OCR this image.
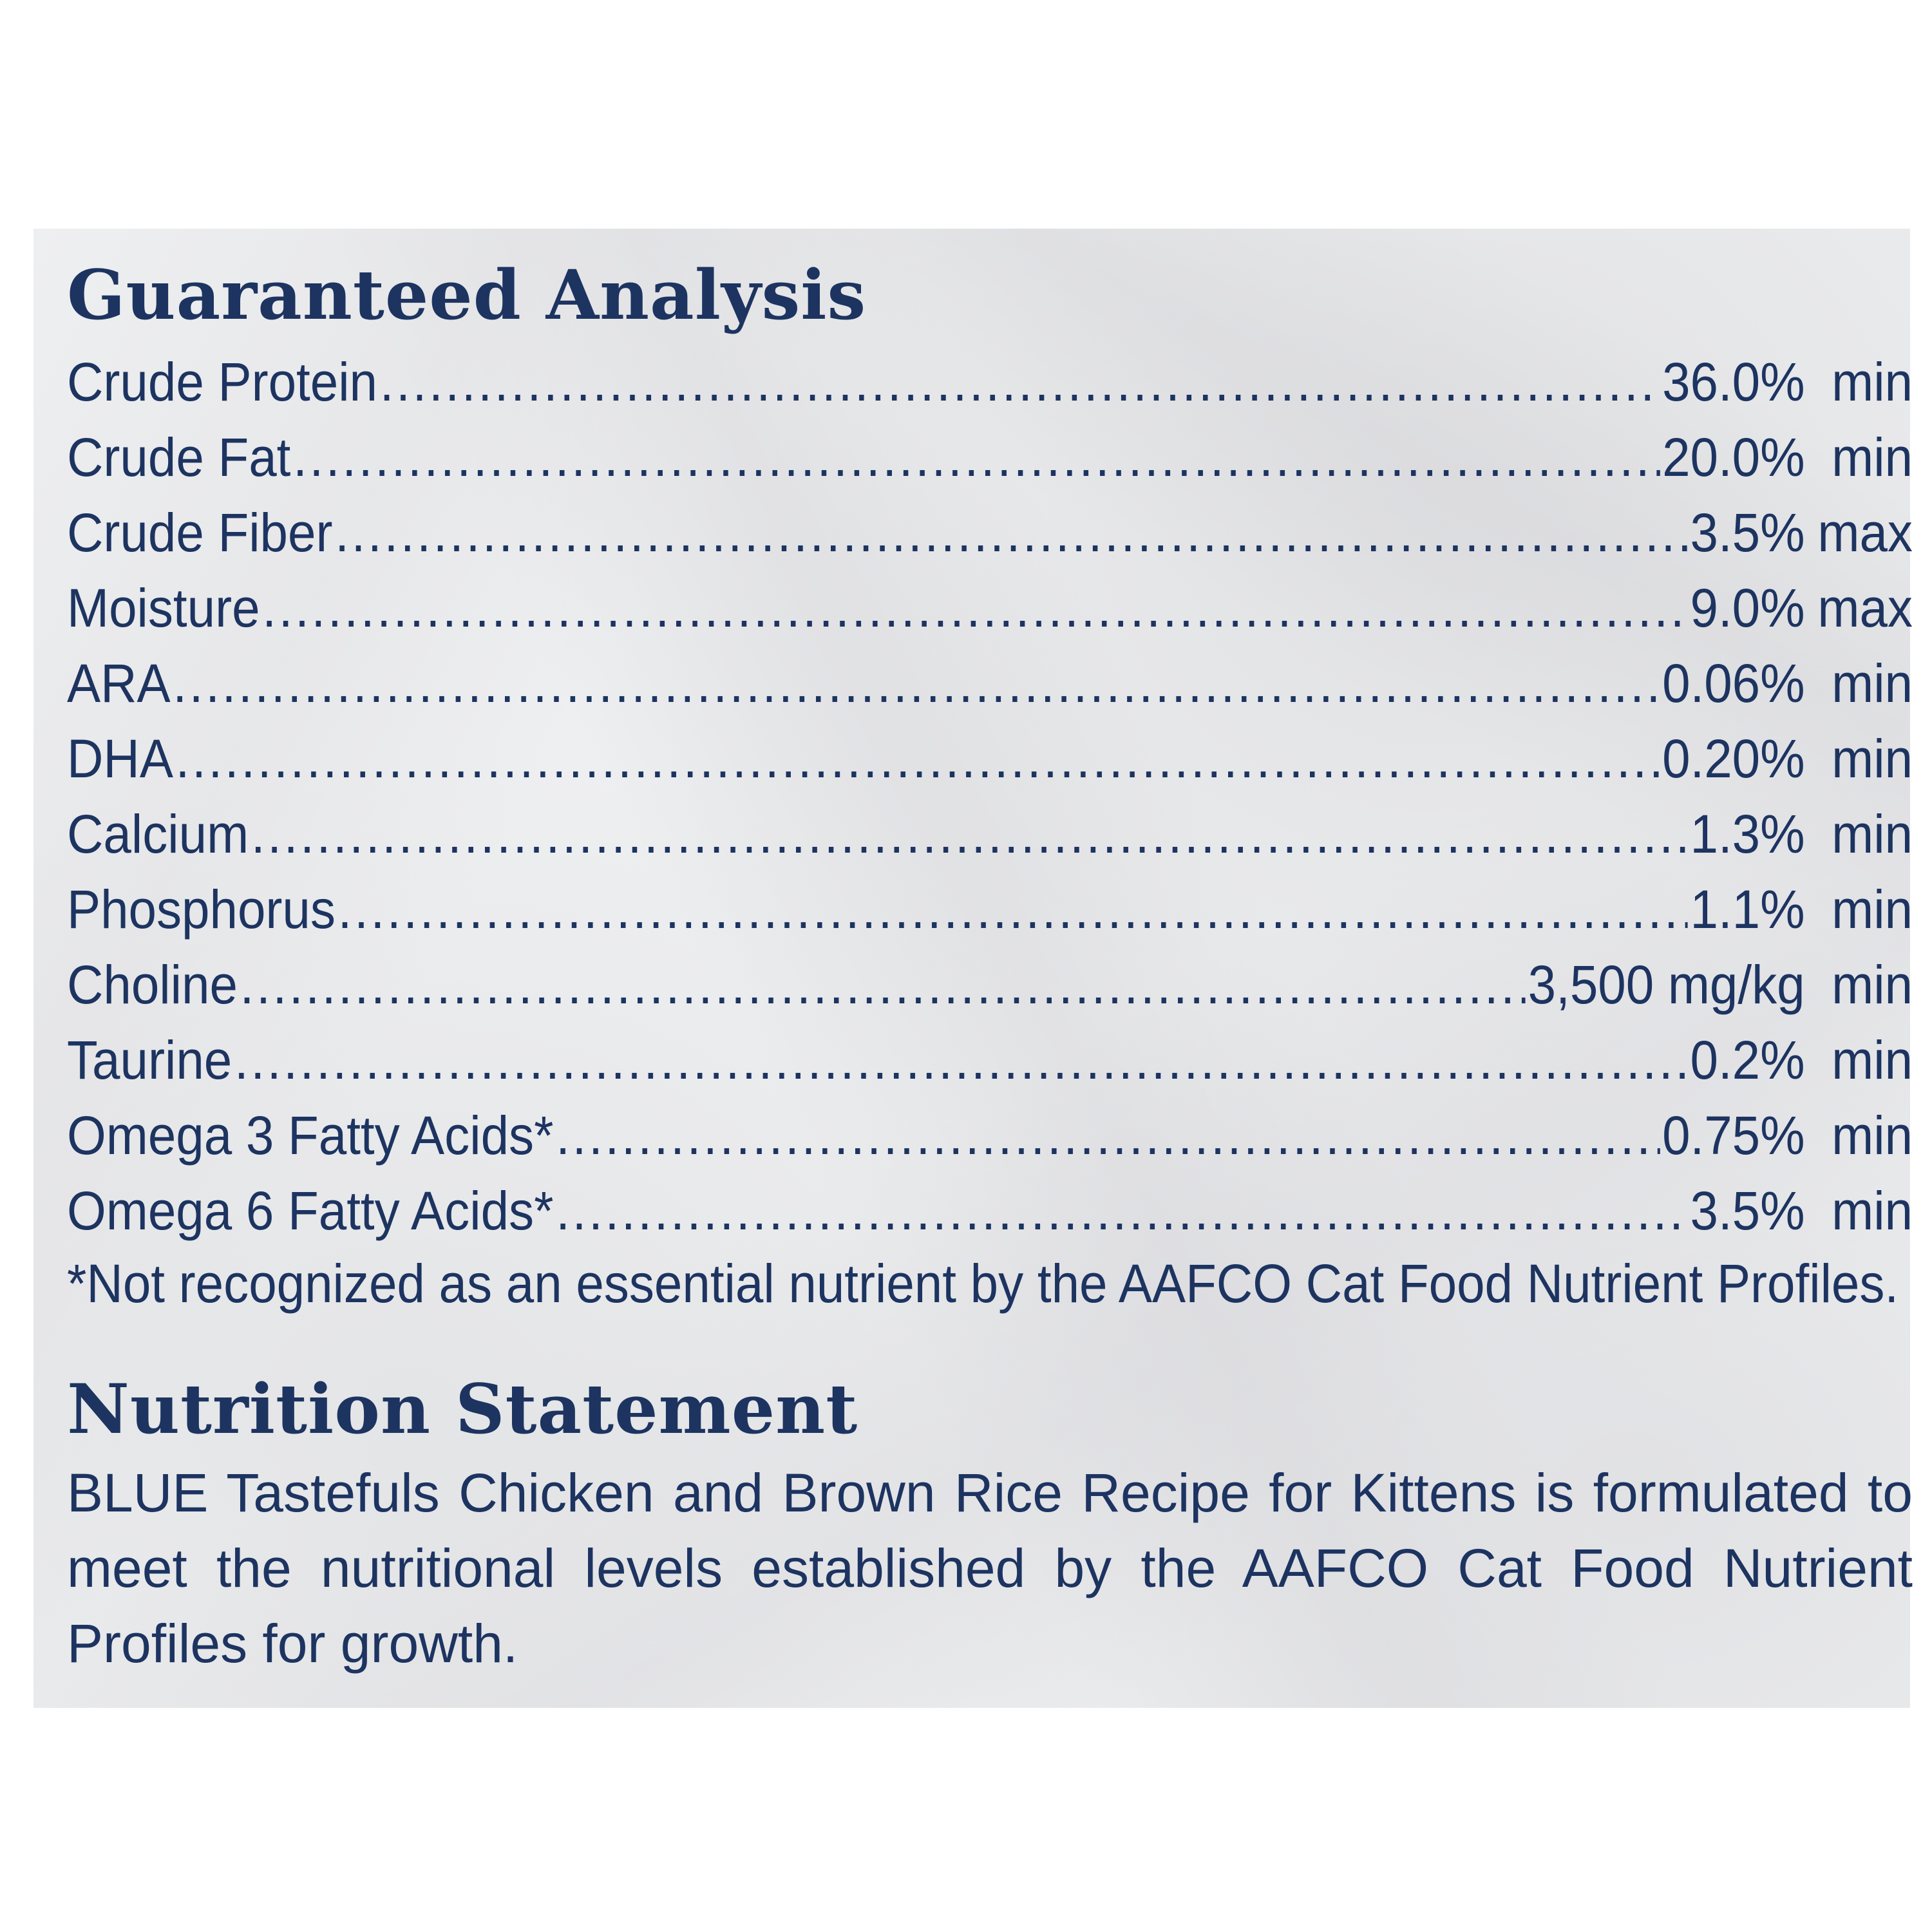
Guaranteed Analysis
Crude Protein .....	36.0% min
Crude Fat .....	20.0% min
Crude Fiber .....	3.5% max
Moisture .....	9.0% max
ARA .....	0.06% min
DHA .....	0.20% min
Calcium .....	1.3% min
Phosphorus .....	1.1% min
Choline .....	3,500 mg/kg min
Taurine .....	0.2% min
Omega 3 Fatty Acids* .....	0.75% min
Omega 6 Fatty Acids* .....	3.5% min
*Not recognized as an essential nutrient by the AAFCO Cat Food Nutrient Profiles.
Nutrition Statement
BLUE Tastefuls Chicken and Brown Rice Recipe for Kittens is formulated to meet the nutritional levels established by the AAFCO Cat Food Nutrient Profiles for growth.
